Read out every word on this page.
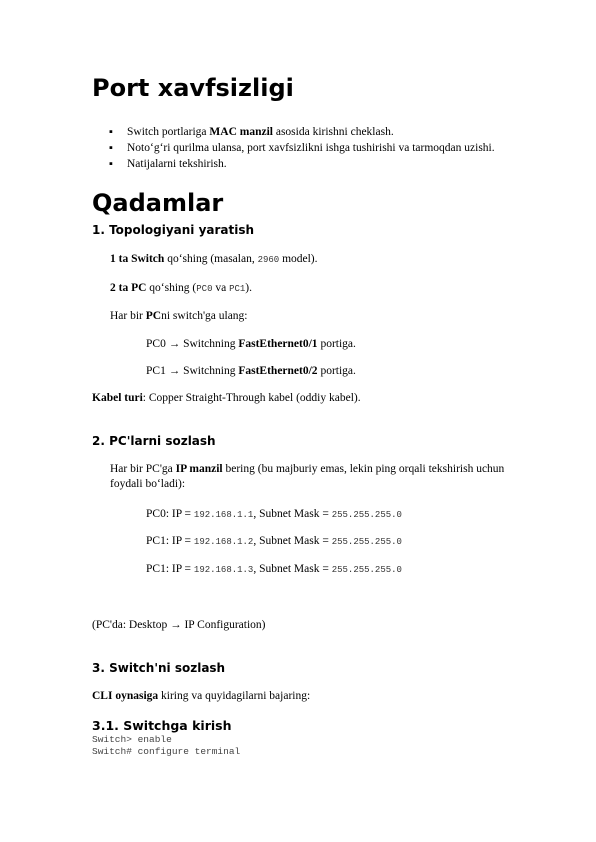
Port xavfsizligi
▪ Switch portlariga MAC manzil asosida kirishni cheklash.
▪ Noto‘g‘ri qurilma ulansa, port xavfsizlikni ishga tushirishi va tarmoqdan uzishi.
▪ Natijalarni tekshirish.
Qadamlar
1. Topologiyani yaratish
1 ta Switch qo‘shing (masalan, 2960 model).
2 ta PC qo‘shing (PC0 va PC1).
Har bir PCni switch'ga ulang:
PC0 → Switchning FastEthernet0/1 portiga.
PC1 → Switchning FastEthernet0/2 portiga.
Kabel turi: Copper Straight-Through kabel (oddiy kabel).
2. PC'larni sozlash
Har bir PC'ga IP manzil bering (bu majburiy emas, lekin ping orqali tekshirish uchun
foydali bo‘ladi):
PC0: IP = 192.168.1.1, Subnet Mask = 255.255.255.0
PC1: IP = 192.168.1.2, Subnet Mask = 255.255.255.0
PC1: IP = 192.168.1.3, Subnet Mask = 255.255.255.0
(PC'da: Desktop → IP Configuration)
3. Switch'ni sozlash
CLI oynasiga kiring va quyidagilarni bajaring:
3.1. Switchga kirish
Switch> enable
Switch# configure terminal
